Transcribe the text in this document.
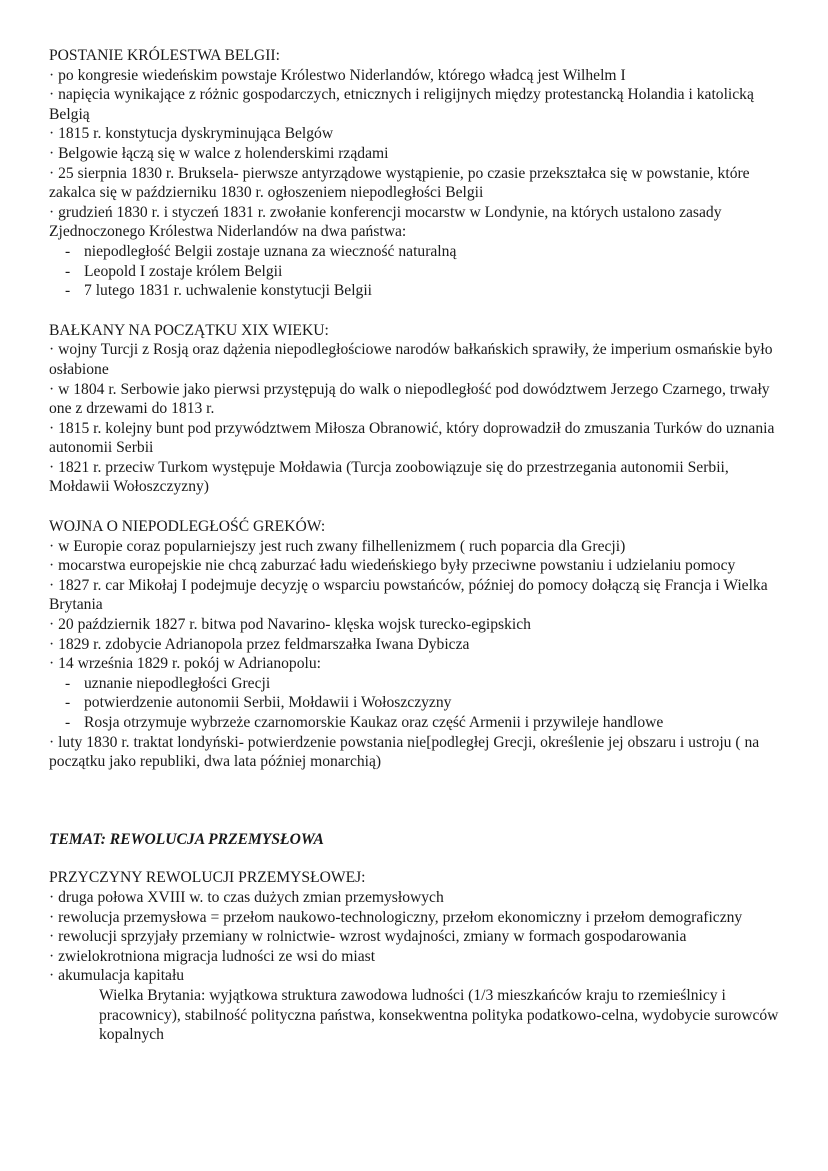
POSTANIE KRÓLESTWA BELGII:

· po kongresie wiedeńskim powstaje Królestwo Niderlandów, którego władcą jest Wilhelm I

· napięcia wynikające z różnic gospodarczych, etnicznych i religijnych między protestancką Holandia i katolicką Belgią

· 1815 r. konstytucja dyskryminująca Belgów

· Belgowie łączą się w walce z holenderskimi rządami

· 25 sierpnia 1830 r. Bruksela- pierwsze antyrządowe wystąpienie, po czasie przekształca się w powstanie, które zakalca się w październiku 1830 r. ogłoszeniem niepodległości Belgii

· grudzień 1830 r. i styczeń 1831 r. zwołanie konferencji mocarstw w Londynie, na których ustalono zasady Zjednoczonego Królestwa Niderlandów na dwa państwa:

- niepodległość Belgii zostaje uznana za wieczność naturalną

- Leopold I zostaje królem Belgii

- 7 lutego 1831 r. uchwalenie konstytucji Belgii

BAŁKANY NA POCZĄTKU XIX WIEKU:

· wojny Turcji z Rosją oraz dążenia niepodległościowe narodów bałkańskich sprawiły, że imperium osmańskie było osłabione

· w 1804 r. Serbowie jako pierwsi przystępują do walk o niepodległość pod dowództwem Jerzego Czarnego, trwały one z drzewami do 1813 r.

· 1815 r. kolejny bunt pod przywództwem Miłosza Obranowić, który doprowadził do zmuszania Turków do uznania autonomii Serbii

· 1821 r. przeciw Turkom występuje Mołdawia (Turcja zoobowiązuje się do przestrzegania autonomii Serbii, Mołdawii Wołoszczyzny)

WOJNA O NIEPODLEGŁOŚĆ GREKÓW:

· w Europie coraz popularniejszy jest ruch zwany filhellenizmem ( ruch poparcia dla Grecji)

· mocarstwa europejskie nie chcą zaburzać ładu wiedeńskiego były przeciwne powstaniu i udzielaniu pomocy

· 1827 r. car Mikołaj I podejmuje decyzję o wsparciu powstańców, później do pomocy dołączą się Francja i Wielka Brytania

· 20 październik 1827 r. bitwa pod Navarino- klęska wojsk turecko-egipskich

· 1829 r. zdobycie Adrianopola przez feldmarszałka Iwana Dybicza

· 14 września 1829 r. pokój w Adrianopolu:

- uznanie niepodległości Grecji

- potwierdzenie autonomii Serbii, Mołdawii i Wołoszczyzny

- Rosja otrzymuje wybrzeże czarnomorskie Kaukaz oraz część Armenii i przywileje handlowe

· luty 1830 r. traktat londyński- potwierdzenie powstania nie[podległej Grecji, określenie jej obszaru i ustroju ( na początku jako republiki, dwa lata później monarchią)

TEMAT: REWOLUCJA PRZEMYSŁOWA

PRZYCZYNY REWOLUCJI PRZEMYSŁOWEJ:

· druga połowa XVIII w. to czas dużych zmian przemysłowych

· rewolucja przemysłowa = przełom naukowo-technologiczny, przełom ekonomiczny i przełom demograficzny

· rewolucji sprzyjały przemiany w rolnictwie- wzrost wydajności, zmiany w formach gospodarowania

· zwielokrotniona migracja ludności ze wsi do miast

· akumulacja kapitału

Wielka Brytania: wyjątkowa struktura zawodowa ludności (1/3 mieszkańców kraju to rzemieślnicy i pracownicy), stabilność polityczna państwa, konsekwentna polityka podatkowo-celna, wydobycie surowców kopalnych
